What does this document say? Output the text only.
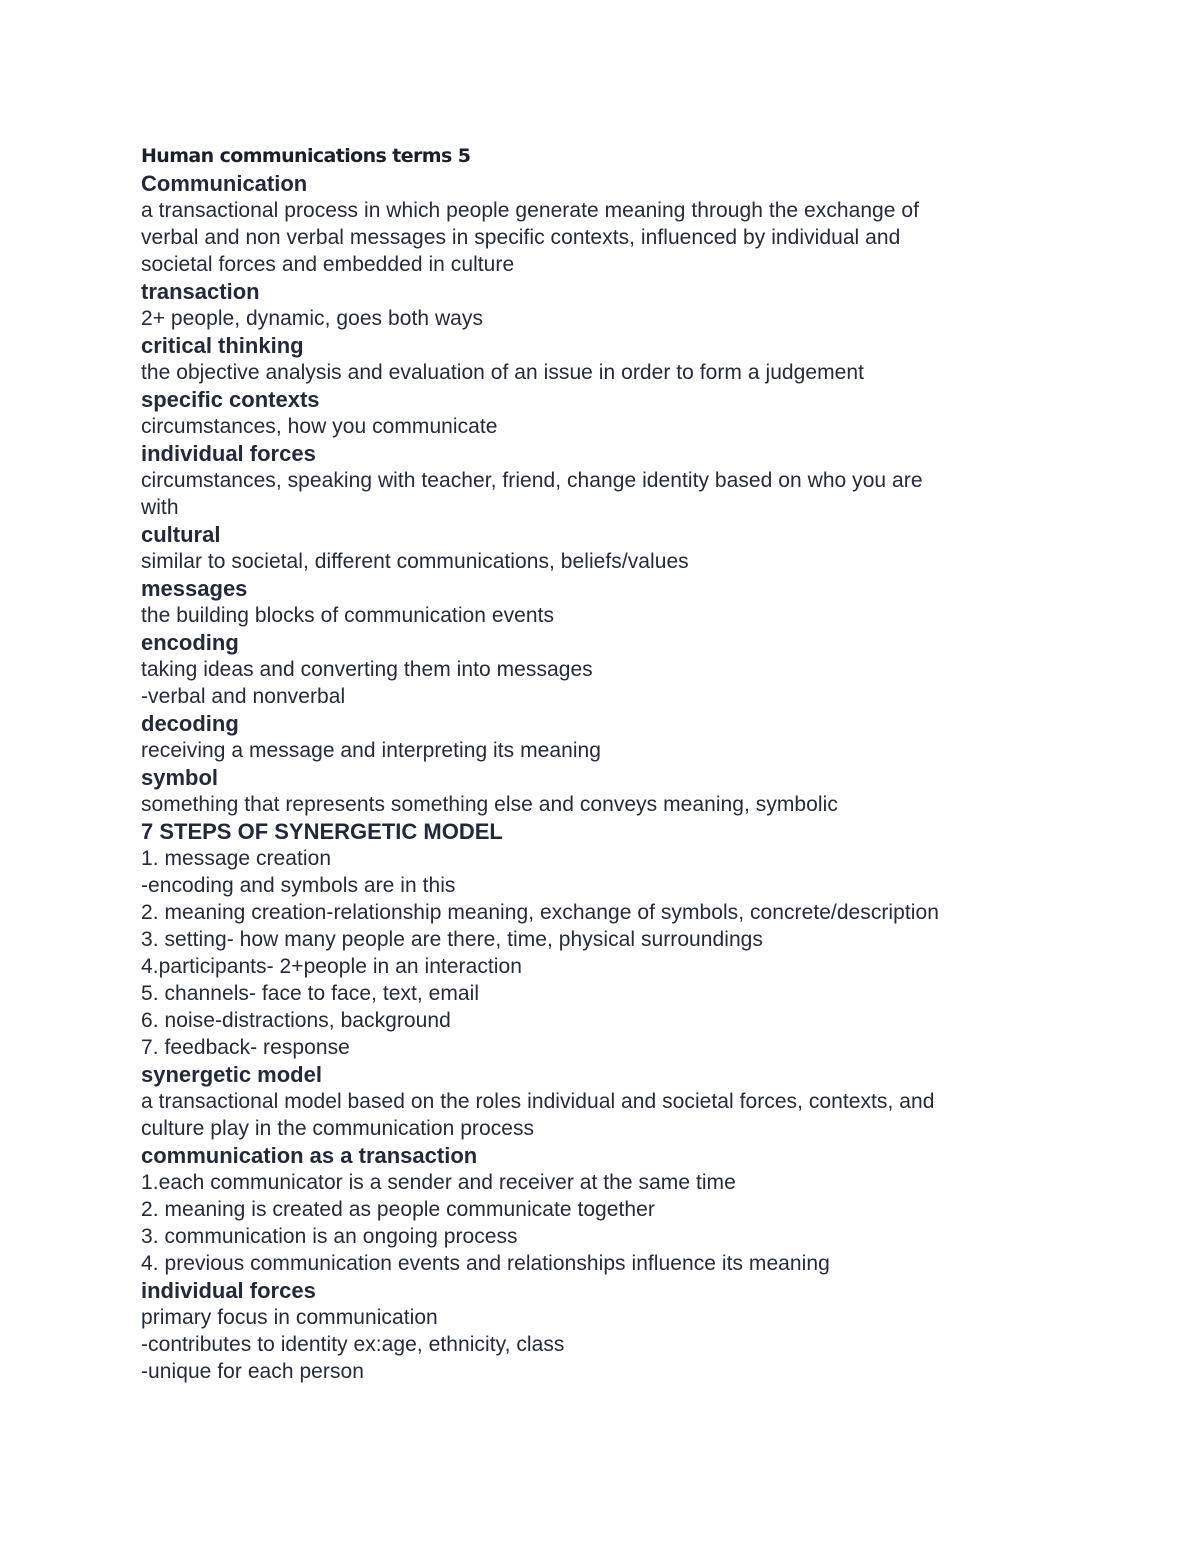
Human communications terms 5

Communication

a transactional process in which people generate meaning through the exchange of

verbal and non verbal messages in specific contexts, influenced by individual and

societal forces and embedded in culture

transaction

2+ people, dynamic, goes both ways

critical thinking

the objective analysis and evaluation of an issue in order to form a judgement

specific contexts

circumstances, how you communicate

individual forces

circumstances, speaking with teacher, friend, change identity based on who you are

with

cultural

similar to societal, different communications, beliefs/values

messages

the building blocks of communication events

encoding

taking ideas and converting them into messages

-verbal and nonverbal

decoding

receiving a message and interpreting its meaning

symbol

something that represents something else and conveys meaning, symbolic

7 STEPS OF SYNERGETIC MODEL

1. message creation

-encoding and symbols are in this

2. meaning creation-relationship meaning, exchange of symbols, concrete/description

3. setting- how many people are there, time, physical surroundings

4.participants- 2+people in an interaction

5. channels- face to face, text, email

6. noise-distractions, background

7. feedback- response

synergetic model

a transactional model based on the roles individual and societal forces, contexts, and

culture play in the communication process

communication as a transaction

1.each communicator is a sender and receiver at the same time

2. meaning is created as people communicate together

3. communication is an ongoing process

4. previous communication events and relationships influence its meaning

individual forces

primary focus in communication

-contributes to identity ex:age, ethnicity, class

-unique for each person
